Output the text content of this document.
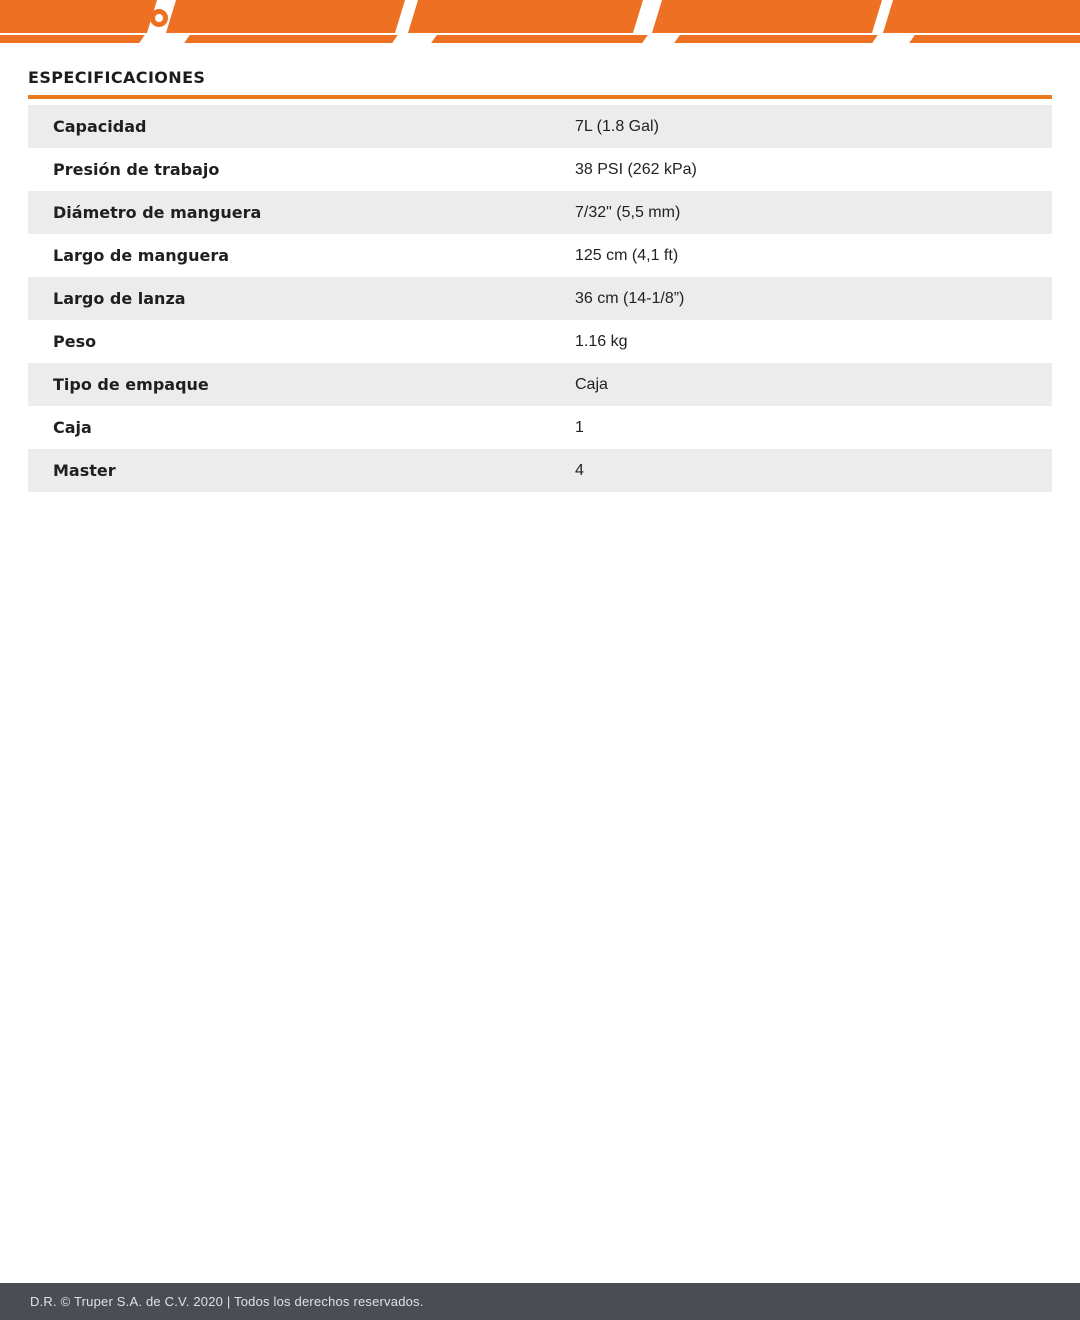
ESPECIFICACIONES
Capacidad	7L (1.8 Gal)
Presión de trabajo	38 PSI (262 kPa)
Diámetro de manguera	7/32" (5,5 mm)
Largo de manguera	125 cm (4,1 ft)
Largo de lanza	36 cm (14-1/8”)
Peso	1.16 kg
Tipo de empaque	Caja
Caja	1
Master	4
D.R. © Truper S.A. de C.V. 2020 | Todos los derechos reservados.
